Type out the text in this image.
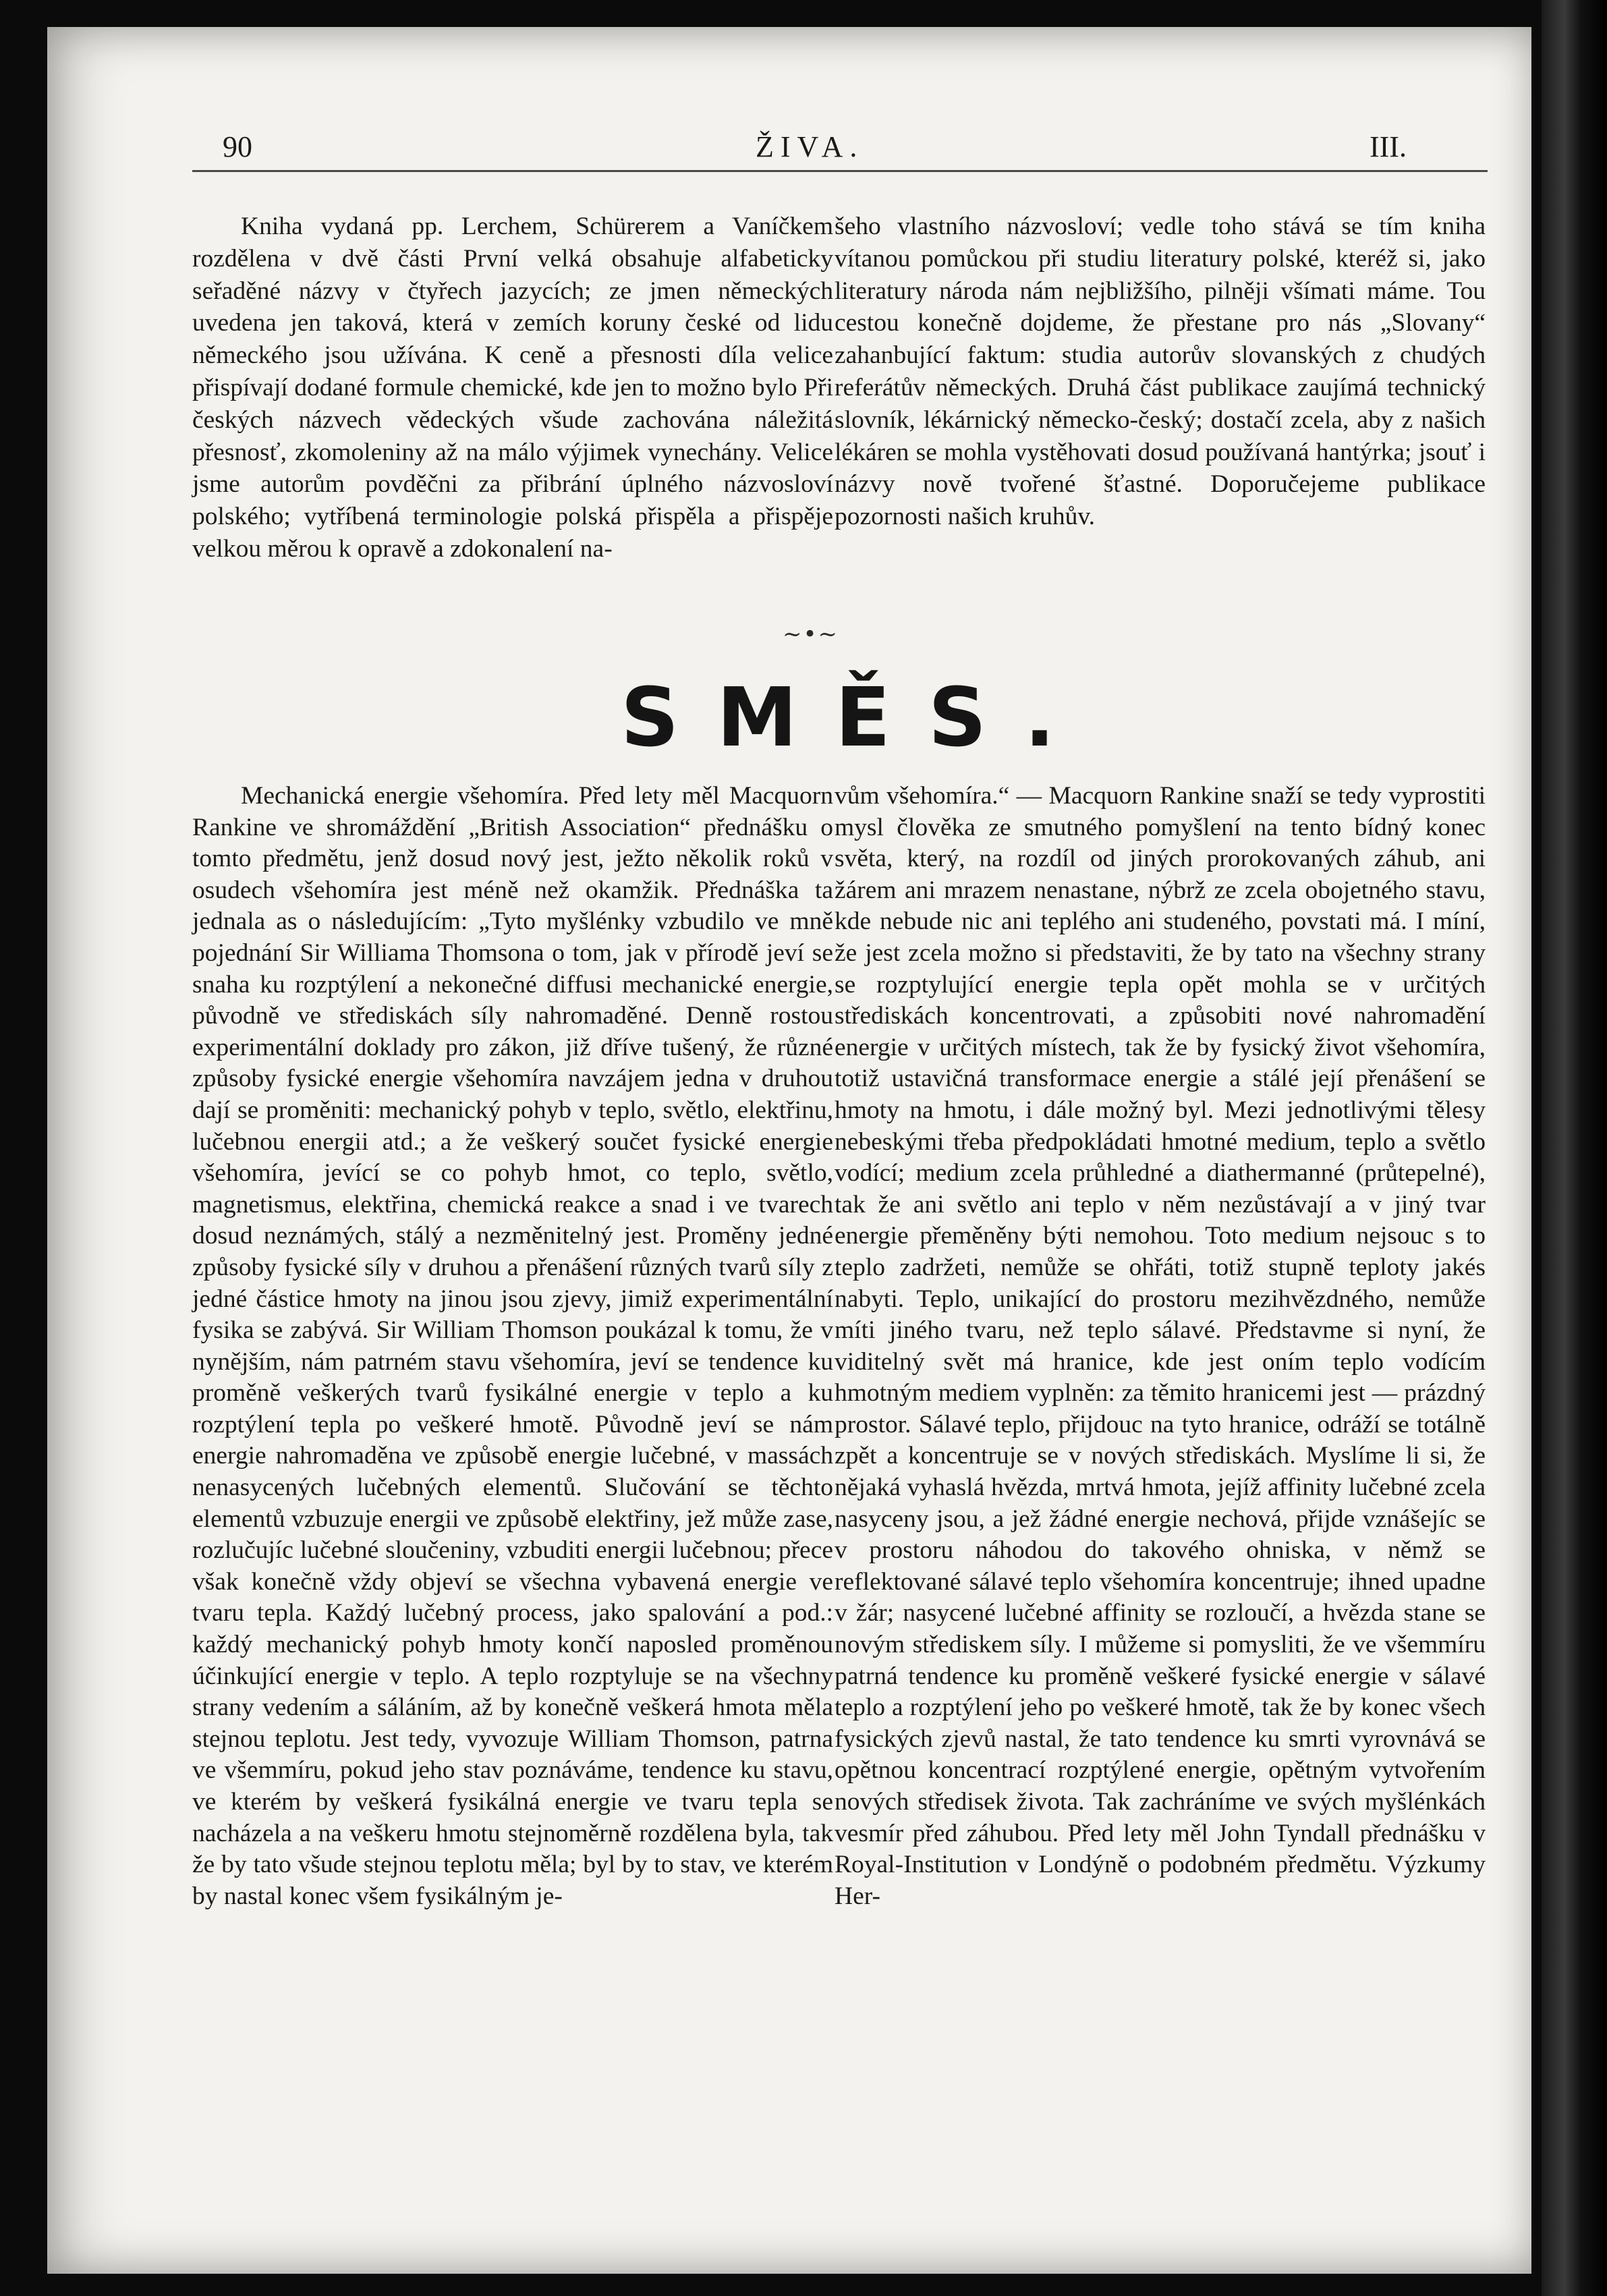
90	ŽIVA.	III.

Kniha vydaná pp. Lerchem, Schürerem a Vaníčkem rozdělena v dvě části První velká obsahuje alfabeticky seřaděné názvy v čtyřech jazycích; ze jmen německých uvedena jen taková, která v zemích koruny české od lidu německého jsou užívána. K ceně a přesnosti díla velice přispívají dodané formule chemické, kde jen to možno bylo Při českých názvech vědeckých všude zachována náležitá přesnosť, zkomoleniny až na málo výjimek vynechány. Velice jsme autorům povděčni za přibrání úplného názvosloví polského; vytříbená terminologie polská přispěla a přispěje velkou měrou k opravě a zdokonalení na-

šeho vlastního názvosloví; vedle toho stává se tím kniha vítanou pomůckou při studiu literatury polské, kteréž si, jako literatury národa nám nejbližšího, pilněji všímati máme. Tou cestou konečně dojdeme, že přestane pro nás „Slovany“ zahanbující faktum: studia autorův slovanských z chudých referátův německých. Druhá část publikace zaujímá technický slovník, lékárnický německo-český; dostačí zcela, aby z našich lékáren se mohla vystěhovati dosud používaná hantýrka; jsouť i názvy nově tvořené šťastné. Doporučejeme publikace pozornosti našich kruhův.

~•~
SMĚS.

Mechanická energie všehomíra. Před lety měl Macquorn Rankine ve shromáždění „British Association“ přednášku o tomto předmětu, jenž dosud nový jest, ježto několik roků v osudech všehomíra jest méně než okamžik. Přednáška ta jednala as o následujícím: „Tyto myšlénky vzbudilo ve mně pojednání Sir Williama Thomsona o tom, jak v přírodě jeví se snaha ku rozptýlení a nekonečné diffusi mechanické energie, původně ve střediskách síly nahromaděné. Denně rostou experimentální doklady pro zákon, již dříve tušený, že různé způsoby fysické energie všehomíra navzájem jedna v druhou dají se proměniti: mechanický pohyb v teplo, světlo, elektřinu, lučebnou energii atd.; a že veškerý součet fysické energie všehomíra, jevící se co pohyb hmot, co teplo, světlo, magnetismus, elektřina, chemická reakce a snad i ve tvarech dosud neznámých, stálý a nezměnitelný jest. Proměny jedné způsoby fysické síly v druhou a přenášení různých tvarů síly z jedné částice hmoty na jinou jsou zjevy, jimiž experimentální fysika se zabývá. Sir William Thomson poukázal k tomu, že v nynějším, nám patrném stavu všehomíra, jeví se tendence ku proměně veškerých tvarů fysikálné energie v teplo a ku rozptýlení tepla po veškeré hmotě. Původně jeví se nám energie nahromaděna ve způsobě energie lučebné, v massách nenasycených lučebných elementů. Slučování se těchto elementů vzbuzuje energii ve způsobě elektřiny, jež může zase, rozlučujíc lučebné sloučeniny, vzbuditi energii lučebnou; přece však konečně vždy objeví se všechna vybavená energie ve tvaru tepla. Každý lučebný process, jako spalování a pod.: každý mechanický pohyb hmoty končí naposled proměnou účinkující energie v teplo. A teplo rozptyluje se na všechny strany vedením a sáláním, až by konečně veškerá hmota měla stejnou teplotu. Jest tedy, vyvozuje William Thomson, patrna ve všemmíru, pokud jeho stav poznáváme, tendence ku stavu, ve kterém by veškerá fysikálná energie ve tvaru tepla se nacházela a na veškeru hmotu stejnoměrně rozdělena byla, tak že by tato všude stejnou teplotu měla; byl by to stav, ve kterém by nastal konec všem fysikálným je-

vům všehomíra.“ — Macquorn Rankine snaží se tedy vyprostiti mysl člověka ze smutného pomyšlení na tento bídný konec světa, který, na rozdíl od jiných prorokovaných záhub, ani žárem ani mrazem nenastane, nýbrž ze zcela obojetného stavu, kde nebude nic ani teplého ani studeného, povstati má. I míní, že jest zcela možno si představiti, že by tato na všechny strany se rozptylující energie tepla opět mohla se v určitých střediskách koncentrovati, a způsobiti nové nahromadění energie v určitých místech, tak že by fysický život všehomíra, totiž ustavičná transformace energie a stálé její přenášení se hmoty na hmotu, i dále možný byl. Mezi jednotlivými tělesy nebeskými třeba předpokládati hmotné medium, teplo a světlo vodící; medium zcela průhledné a diathermanné (průtepelné), tak že ani světlo ani teplo v něm nezůstávají a v jiný tvar energie přeměněny býti nemohou. Toto medium nejsouc s to teplo zadržeti, nemůže se ohřáti, totiž stupně teploty jakés nabyti. Teplo, unikající do prostoru mezihvězdného, nemůže míti jiného tvaru, než teplo sálavé. Představme si nyní, že viditelný svět má hranice, kde jest oním teplo vodícím hmotným mediem vyplněn: za těmito hranicemi jest — prázdný prostor. Sálavé teplo, přijdouc na tyto hranice, odráží se totálně zpět a koncentruje se v nových střediskách. Myslíme li si, že nějaká vyhaslá hvězda, mrtvá hmota, jejíž affinity lučebné zcela nasyceny jsou, a jež žádné energie nechová, přijde vznášejíc se v prostoru náhodou do takového ohniska, v němž se reflektované sálavé teplo všehomíra koncentruje; ihned upadne v žár; nasycené lučebné affinity se rozloučí, a hvězda stane se novým střediskem síly. I můžeme si pomysliti, že ve všemmíru patrná tendence ku proměně veškeré fysické energie v sálavé teplo a rozptýlení jeho po veškeré hmotě, tak že by konec všech fysických zjevů nastal, že tato tendence ku smrti vyrovnává se opětnou koncentrací rozptýlené energie, opětným vytvořením nových středisek života. Tak zachráníme ve svých myšlénkách vesmír před záhubou. Před lety měl John Tyndall přednášku v Royal-Institution v Londýně o podobném předmětu. Výzkumy Her-
